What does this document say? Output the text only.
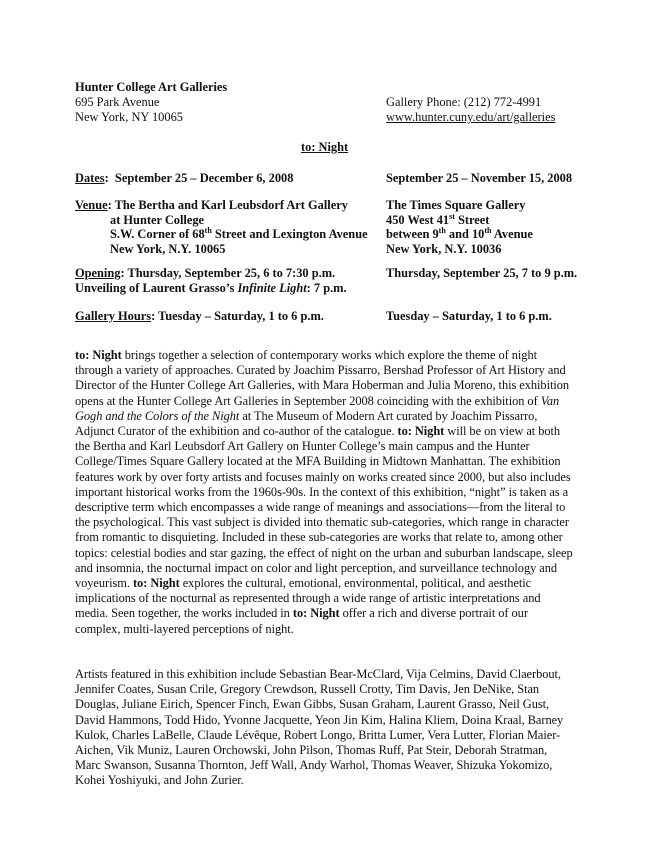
Hunter College Art Galleries
695 Park Avenue
New York, NY 10065
Gallery Phone: (212) 772-4991
www.hunter.cuny.edu/art/galleries
to: Night
Dates:  September 25 – December 6, 2008	September 25 – November 15, 2008
Venue: The Bertha and Karl Leubsdorf Art Gallery
at Hunter College
S.W. Corner of 68th Street and Lexington Avenue
New York, N.Y. 10065
The Times Square Gallery
450 West 41st Street
between 9th and 10th Avenue
New York, N.Y. 10036
Opening: Thursday, September 25, 6 to 7:30 p.m.
Unveiling of Laurent Grasso’s Infinite Light: 7 p.m.
Thursday, September 25, 7 to 9 p.m.
Gallery Hours: Tuesday – Saturday, 1 to 6 p.m.	Tuesday – Saturday, 1 to 6 p.m.
to: Night brings together a selection of contemporary works which explore the theme of night through a variety of approaches. Curated by Joachim Pissarro, Bershad Professor of Art History and Director of the Hunter College Art Galleries, with Mara Hoberman and Julia Moreno, this exhibition opens at the Hunter College Art Galleries in September 2008 coinciding with the exhibition of Van Gogh and the Colors of the Night at The Museum of Modern Art curated by Joachim Pissarro, Adjunct Curator of the exhibition and co-author of the catalogue. to: Night will be on view at both the Bertha and Karl Leubsdorf Art Gallery on Hunter College’s main campus and the Hunter College/Times Square Gallery located at the MFA Building in Midtown Manhattan. The exhibition features work by over forty artists and focuses mainly on works created since 2000, but also includes important historical works from the 1960s-90s. In the context of this exhibition, “night” is taken as a descriptive term which encompasses a wide range of meanings and associations—from the literal to the psychological. This vast subject is divided into thematic sub-categories, which range in character from romantic to disquieting. Included in these sub-categories are works that relate to, among other topics: celestial bodies and star gazing, the effect of night on the urban and suburban landscape, sleep and insomnia, the nocturnal impact on color and light perception, and surveillance technology and voyeurism. to: Night explores the cultural, emotional, environmental, political, and aesthetic implications of the nocturnal as represented through a wide range of artistic interpretations and media. Seen together, the works included in to: Night offer a rich and diverse portrait of our complex, multi-layered perceptions of night.
Artists featured in this exhibition include Sebastian Bear-McClard, Vija Celmins, David Claerbout, Jennifer Coates, Susan Crile, Gregory Crewdson, Russell Crotty, Tim Davis, Jen DeNike, Stan Douglas, Juliane Eirich, Spencer Finch, Ewan Gibbs, Susan Graham, Laurent Grasso, Neil Gust, David Hammons, Todd Hido, Yvonne Jacquette, Yeon Jin Kim, Halina Kliem, Doina Kraal, Barney Kulok, Charles LaBelle, Claude Lévêque, Robert Longo, Britta Lumer, Vera Lutter, Florian Maier-Aichen, Vik Muniz, Lauren Orchowski, John Pilson, Thomas Ruff, Pat Steir, Deborah Stratman, Marc Swanson, Susanna Thornton, Jeff Wall, Andy Warhol, Thomas Weaver, Shizuka Yokomizo, Kohei Yoshiyuki, and John Zurier.
